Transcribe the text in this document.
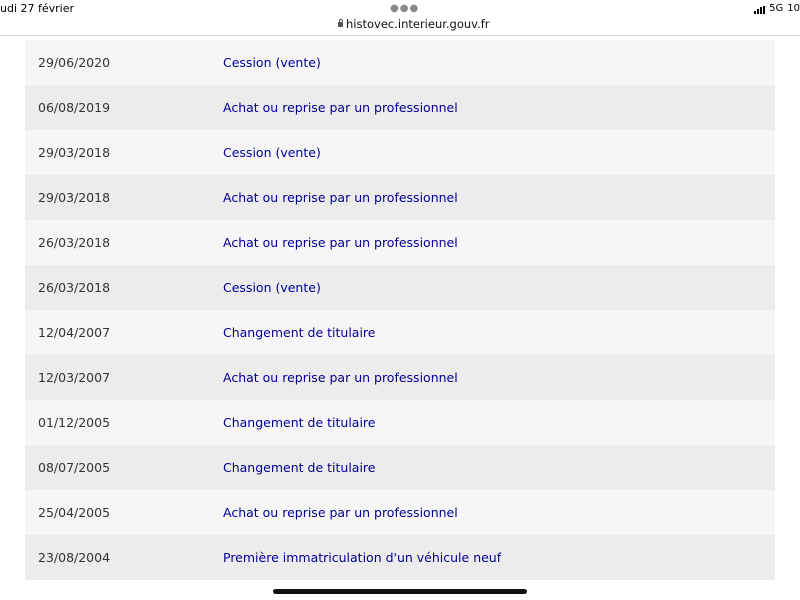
udi 27 février	●●●
histovec.interieur.gouv.fr
5G 10
29/06/2020	Cession (vente)
06/08/2019	Achat ou reprise par un professionnel
29/03/2018	Cession (vente)
29/03/2018	Achat ou reprise par un professionnel
26/03/2018	Achat ou reprise par un professionnel
26/03/2018	Cession (vente)
12/04/2007	Changement de titulaire
12/03/2007	Achat ou reprise par un professionnel
01/12/2005	Changement de titulaire
08/07/2005	Changement de titulaire
25/04/2005	Achat ou reprise par un professionnel
23/08/2004	Première immatriculation d'un véhicule neuf
